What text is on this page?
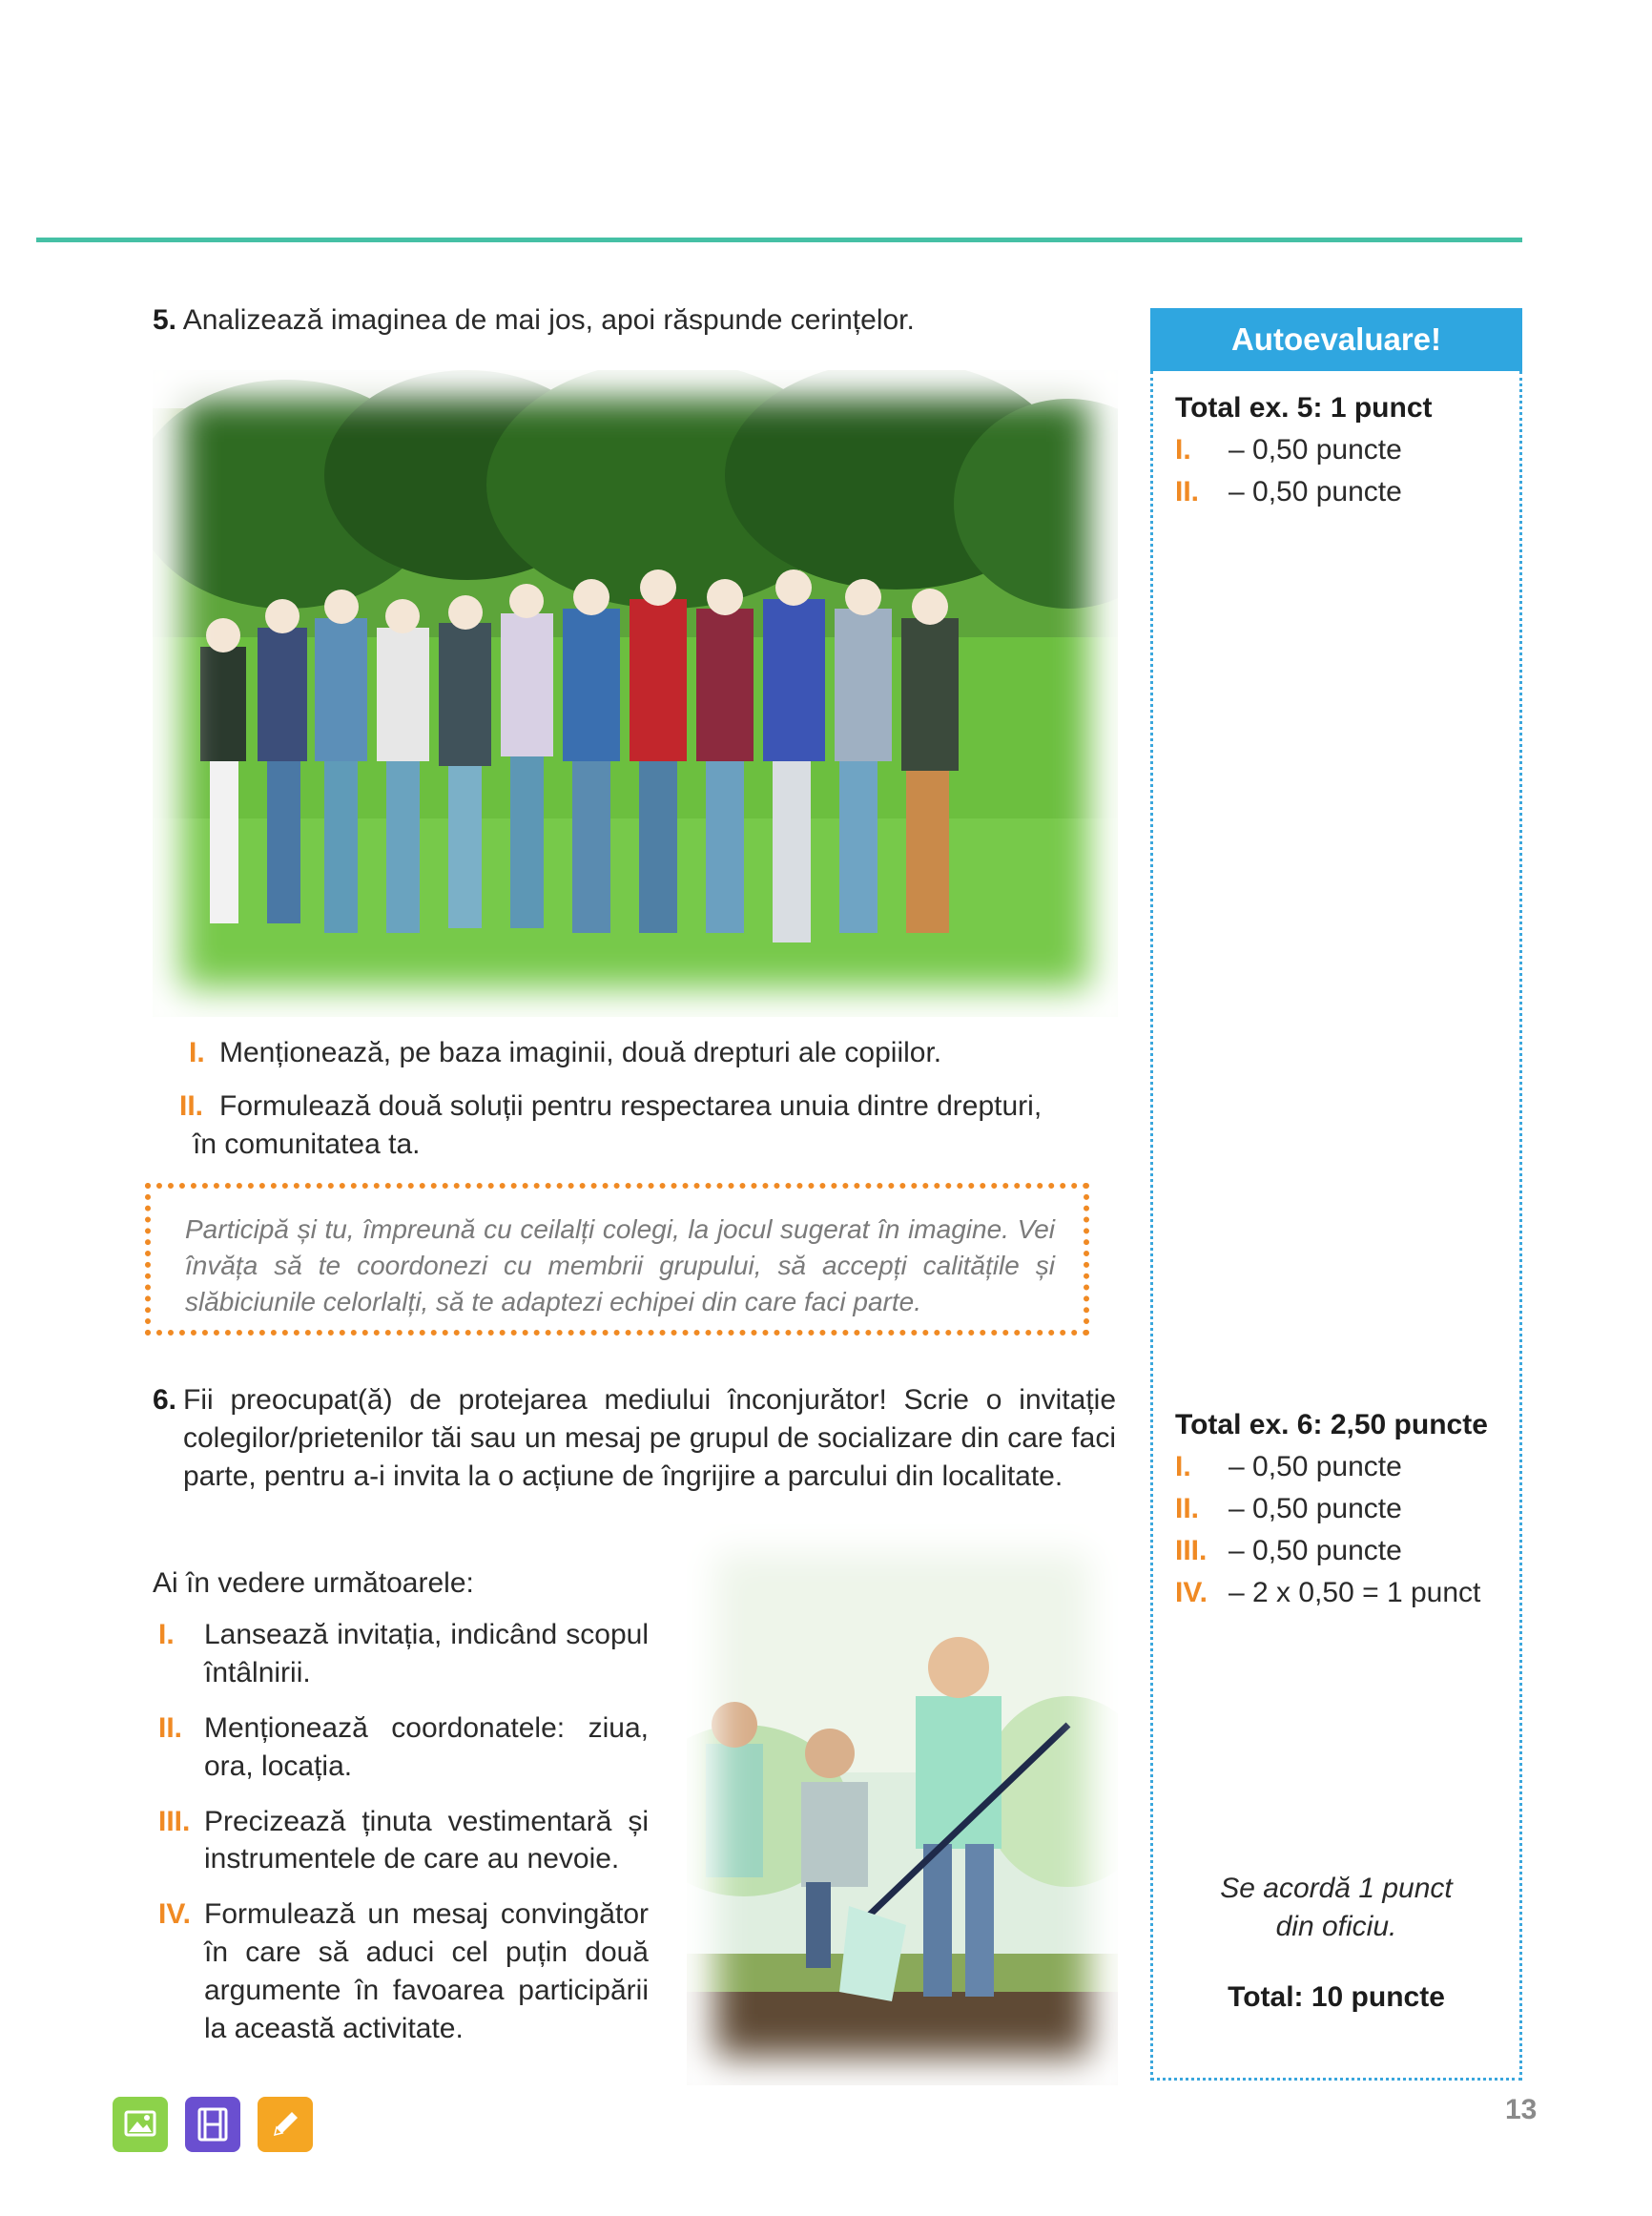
5. Analizează imaginea de mai jos, apoi răspunde cerințelor.
I. Menționează, pe baza imaginii, două drepturi ale copiilor.
II. Formulează două soluții pentru respectarea unuia dintre drepturi,
în comunitatea ta.
Participă și tu, împreună cu ceilalți colegi, la jocul sugerat în imagine. Vei învăța să te coordonezi cu membrii grupului, să accepți calitățile și slăbiciunile celorlalți, să te adaptezi echipei din care faci parte.
6. Fii preocupat(ă) de protejarea mediului înconjurător! Scrie o invitație colegilor/prietenilor tăi sau un mesaj pe grupul de socializare din care faci parte, pentru a-i invita la o acțiune de îngrijire a parcului din localitate.
Ai în vedere următoarele:
I. Lansează invitația, indicând scopul întâlnirii.
II. Menționează coordonatele: ziua, ora, locația.
III. Precizează ținuta vestimentară și instrumentele de care au nevoie.
IV. Formulează un mesaj convingător în care să aduci cel puțin două argumente în favoarea participării la această activitate.
Autoevaluare!
Total ex. 5: 1 punct
I.	– 0,50 puncte
II.	– 0,50 puncte
Total ex. 6: 2,50 puncte
I.	– 0,50 puncte
II.	– 0,50 puncte
III. – 0,50 puncte
IV. – 2 x 0,50 = 1 punct
Se acordă 1 punct
din oficiu.
Total: 10 puncte
13
